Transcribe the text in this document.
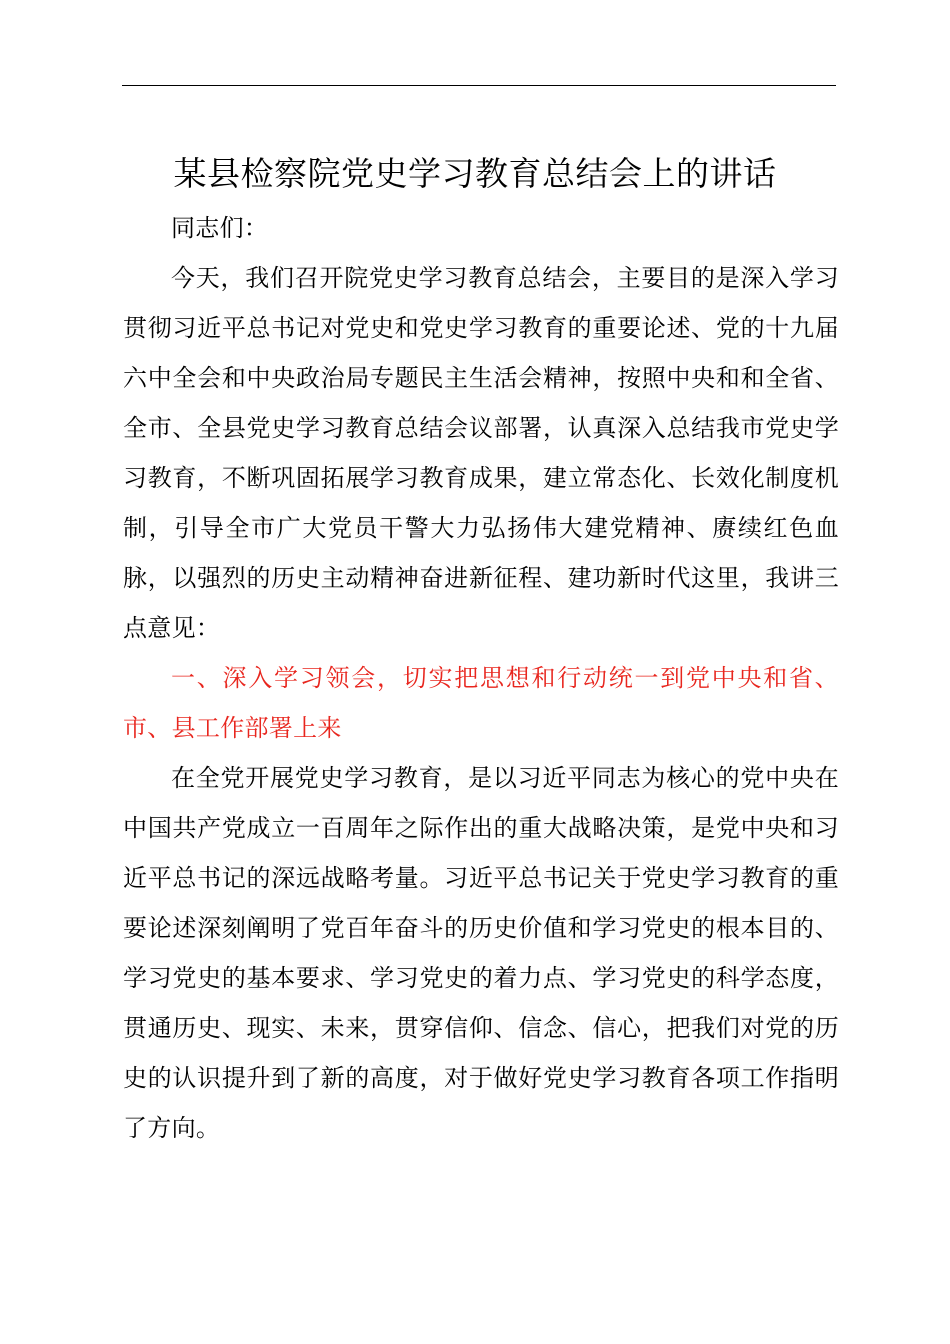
某县检察院党史学习教育总结会上的讲话

同志们：

今天，我们召开院党史学习教育总结会，主要目的是深入学习贯彻习近平总书记对党史和党史学习教育的重要论述、党的十九届六中全会和中央政治局专题民主生活会精神，按照中央和和全省、全市、全县党史学习教育总结会议部署，认真深入总结我市党史学习教育，不断巩固拓展学习教育成果，建立常态化、长效化制度机制，引导全市广大党员干警大力弘扬伟大建党精神、赓续红色血脉，以强烈的历史主动精神奋进新征程、建功新时代这里，我讲三点意见：

一、深入学习领会，切实把思想和行动统一到党中央和省、市、县工作部署上来

在全党开展党史学习教育，是以习近平同志为核心的党中央在中国共产党成立一百周年之际作出的重大战略决策，是党中央和习近平总书记的深远战略考量。习近平总书记关于党史学习教育的重要论述深刻阐明了党百年奋斗的历史价值和学习党史的根本目的、学习党史的基本要求、学习党史的着力点、学习党史的科学态度，贯通历史、现实、未来，贯穿信仰、信念、信心，把我们对党的历史的认识提升到了新的高度，对于做好党史学习教育各项工作指明了方向。
